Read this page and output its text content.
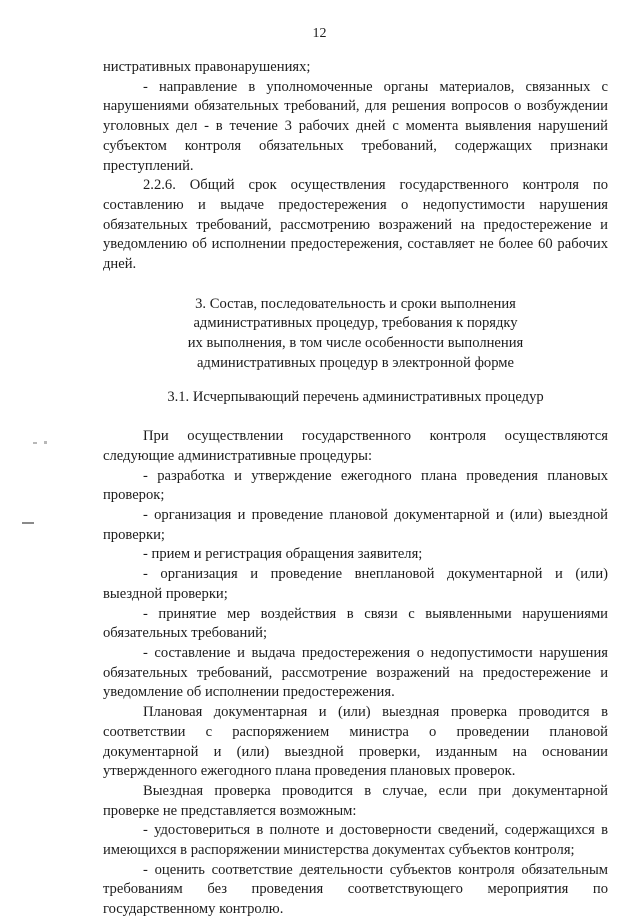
12

нистративных правонарушениях;

- направление в уполномоченные органы материалов, связанных с нарушениями обязательных требований, для решения вопросов о возбуждении уголовных дел - в течение 3 рабочих дней с момента выявления нарушений субъектом контроля обязательных требований, содержащих признаки преступлений.

2.2.6. Общий срок осуществления государственного контроля по составлению и выдаче предостережения о недопустимости нарушения обязательных требований, рассмотрению возражений на предостережение и уведомлению об исполнении предостережения, составляет не более 60 рабочих дней.

3. Состав, последовательность и сроки выполнения

административных процедур, требования к порядку

их выполнения, в том числе особенности выполнения

административных процедур в электронной форме

3.1. Исчерпывающий перечень административных процедур

При осуществлении государственного контроля осуществляются следующие административные процедуры:

- разработка и утверждение ежегодного плана проведения плановых проверок;

- организация и проведение плановой документарной и (или) выездной проверки;

- прием и регистрация обращения заявителя;

- организация и проведение внеплановой документарной и (или) выездной проверки;

- принятие мер воздействия в связи с выявленными нарушениями обязательных требований;

- составление и выдача предостережения о недопустимости нарушения обязательных требований, рассмотрение возражений на предостережение и уведомление об исполнении предостережения.

Плановая документарная и (или) выездная проверка проводится в соответствии с распоряжением министра о проведении плановой документарной и (или) выездной проверки, изданным на основании утвержденного ежегодного плана проведения плановых проверок.

Выездная проверка проводится в случае, если при документарной проверке не представляется возможным:

- удостовериться в полноте и достоверности сведений, содержащихся в имеющихся в распоряжении министерства документах субъектов контроля;

- оценить соответствие деятельности субъектов контроля обязательным требованиям без проведения соответствующего мероприятия по государственному контролю.
